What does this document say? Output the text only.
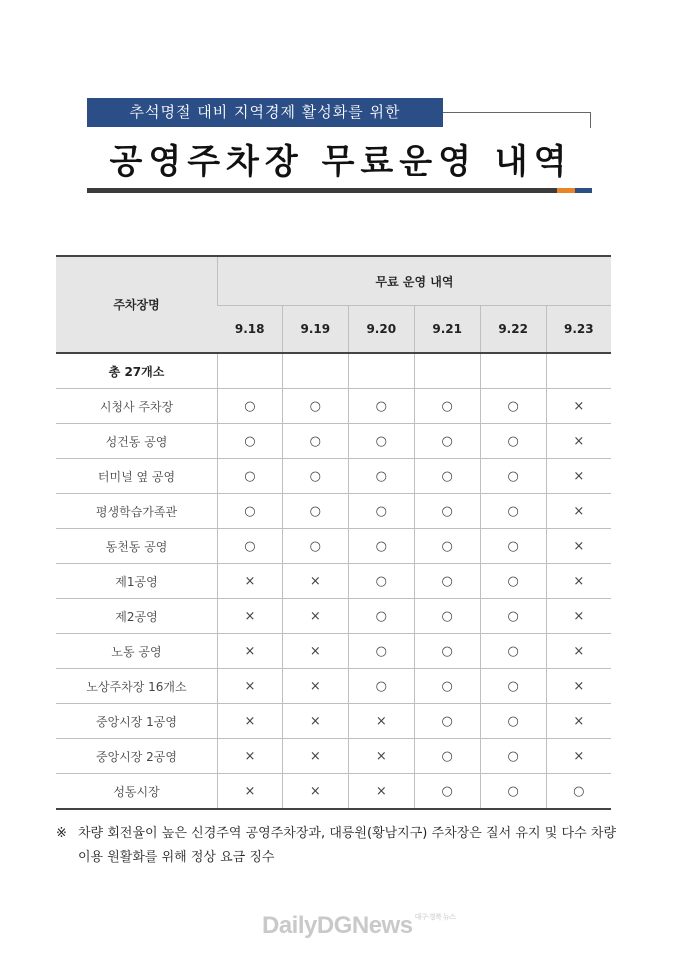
추석명절 대비 지역경제 활성화를 위한
공영주차장 무료운영 내역
주차장명	무료 운영 내역					
	9.18	9.19	9.20	9.21	9.22	9.23
총 27개소						
시청사 주차장	○	○	○	○	○	×
성건동 공영	○	○	○	○	○	×
터미널 옆 공영	○	○	○	○	○	×
평생학습가족관	○	○	○	○	○	×
동천동 공영	○	○	○	○	○	×
제1공영	×	×	○	○	○	×
제2공영	×	×	○	○	○	×
노동 공영	×	×	○	○	○	×
노상주차장 16개소	×	×	○	○	○	×
중앙시장 1공영	×	×	×	○	○	×
중앙시장 2공영	×	×	×	○	○	×
성동시장	×	×	×	○	○	○
※ 차량 회전율이 높은 신경주역 공영주차장과, 대릉원(황남지구) 주차장은 질서 유지 및 다수 차량 이용 원활화를 위해 정상 요금 징수
DailyDGNews $^{대구\cdot 경북 뉴스}$
